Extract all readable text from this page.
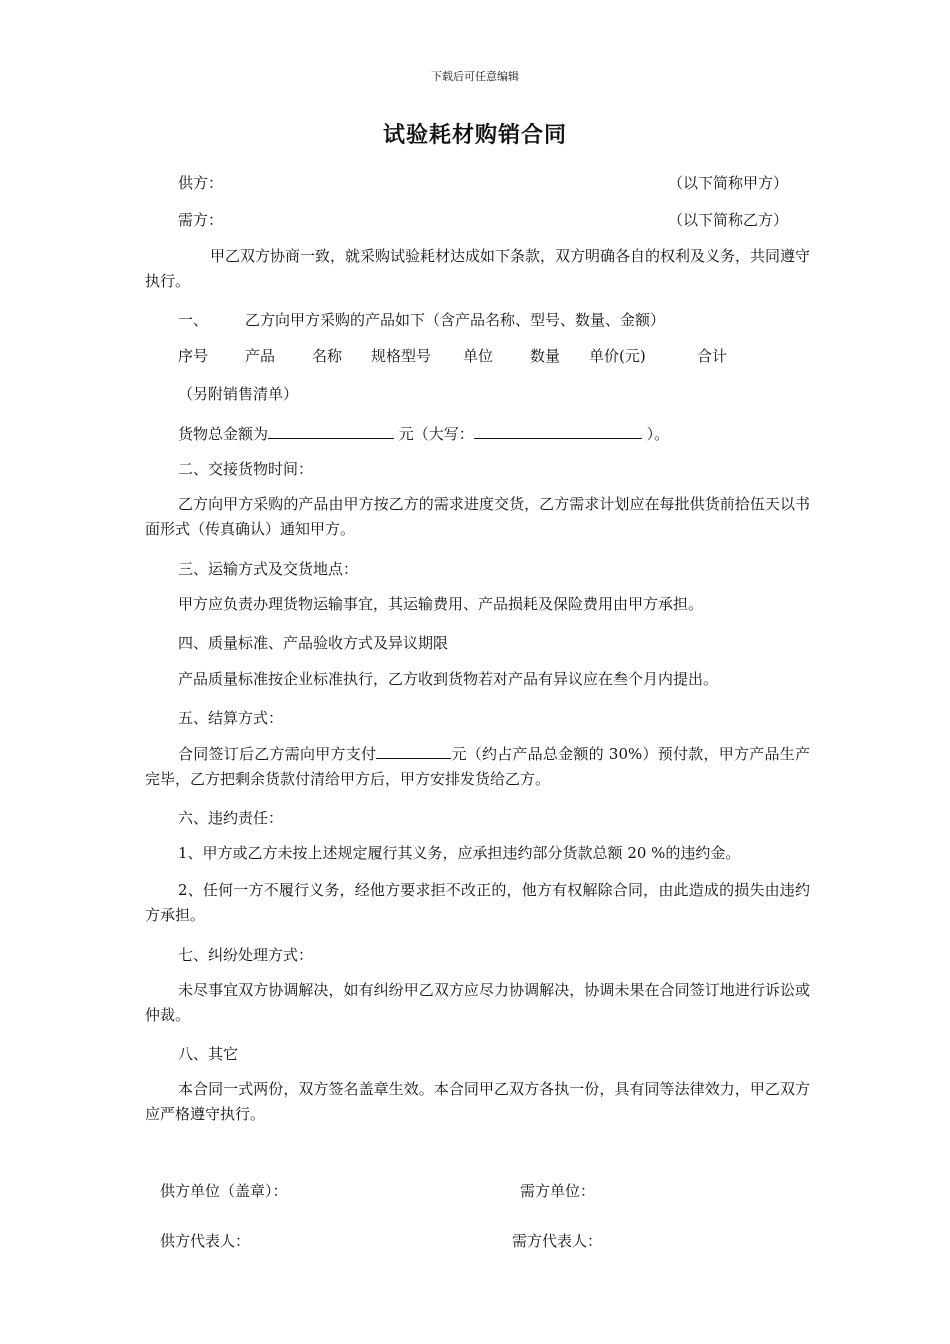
下载后可任意编辑
试验耗材购销合同
供方：	（以下简称甲方）
需方：	（以下简称乙方）
甲乙双方协商一致，就采购试验耗材达成如下条款，双方明确各自的权利及义务，共同遵守执行。
一、 乙方向甲方采购的产品如下（含产品名称、型号、数量、金额）
序号 产品 名称 规格型号 单位 数量 单价(元)	合计
（另附销售清单）
货物总金额为	元（大写：	）。
二、交接货物时间：
乙方向甲方采购的产品由甲方按乙方的需求进度交货，乙方需求计划应在每批供货前拾伍天以书面形式（传真确认）通知甲方。
三、运输方式及交货地点：
甲方应负责办理货物运输事宜，其运输费用、产品损耗及保险费用由甲方承担。
四、质量标准、产品验收方式及异议期限
产品质量标准按企业标准执行，乙方收到货物若对产品有异议应在叁个月内提出。
五、结算方式：
合同签订后乙方需向甲方支付	元（约占产品总金额的 30%）预付款，甲方产品生产完毕，乙方把剩余货款付清给甲方后，甲方安排发货给乙方。
六、违约责任：
1、甲方或乙方未按上述规定履行其义务，应承担违约部分货款总额 20 %的违约金。
2、任何一方不履行义务，经他方要求拒不改正的，他方有权解除合同，由此造成的损失由违约方承担。
七、纠纷处理方式：
未尽事宜双方协调解决，如有纠纷甲乙双方应尽力协调解决，协调未果在合同签订地进行诉讼或仲裁。
八、其它
本合同一式两份，双方签名盖章生效。本合同甲乙双方各执一份，具有同等法律效力，甲乙双方应严格遵守执行。
供方单位（盖章）：	需方单位：
供方代表人：	需方代表人：
